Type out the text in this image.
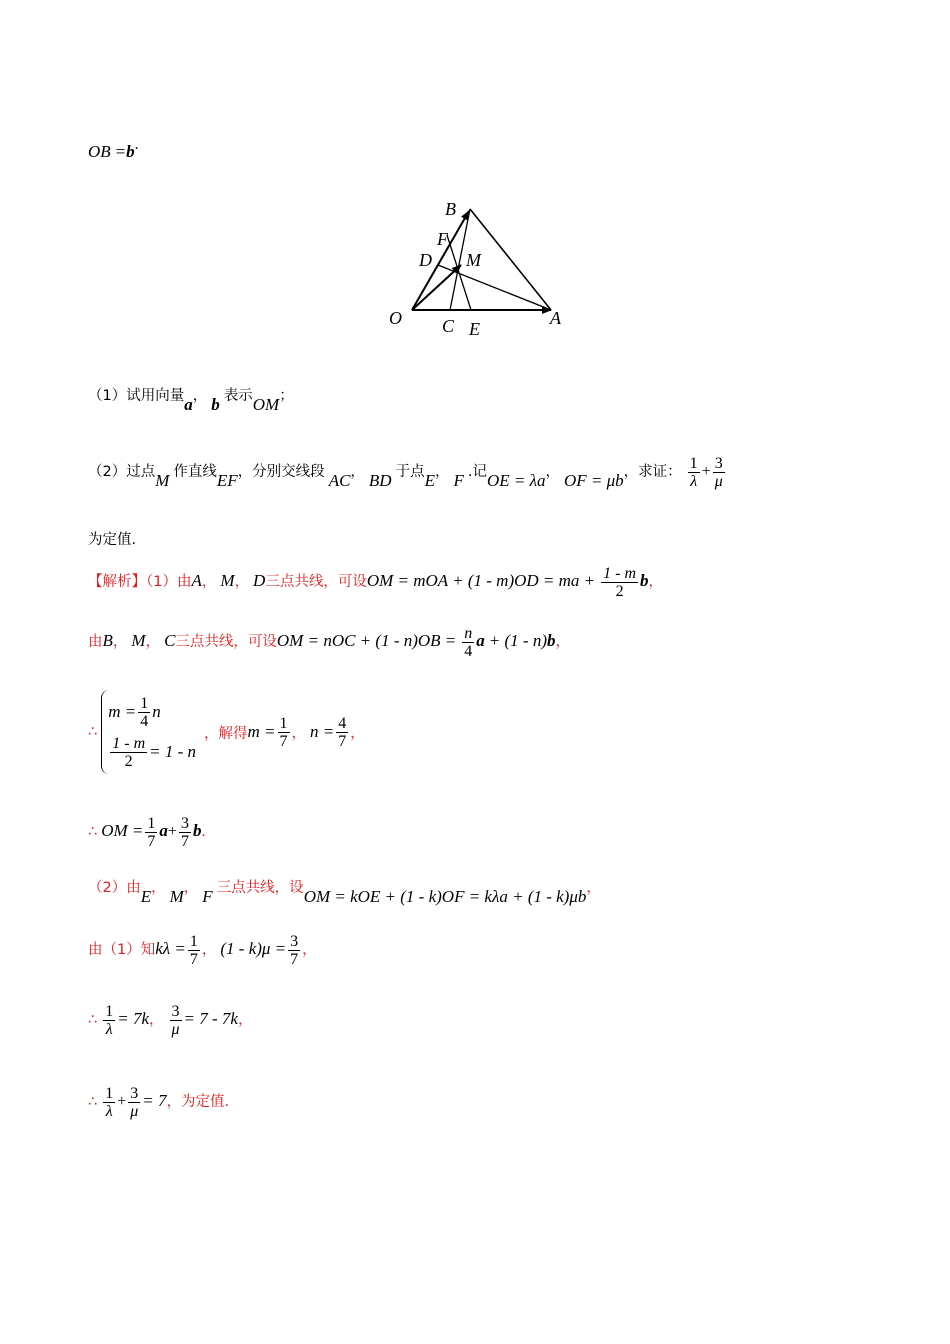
OB =b.
B
F
D M
O C E
A
（1）试用向量a， b 表示OM；
（2）过点M 作直线EF，分别交线段 AC， BD 于点E， F .记OE = λa， OF = μb，求证： $\frac{1}{\lambda} + \frac{3}{\mu}$
为定值.
【解析】（1）由A， M， D三点共线，可设OM = mOA + (1 - m)OD = ma + $\frac{1 - m}{2}$ b，
由B， M， C三点共线，可设OM = nOC + $(1 - n)OB = \frac{n}{4}$ a + (1 - n)b，
∴
$m = \frac{1}{4}$ n
$\frac{1 - m}{2} = 1 - n$
，解得$m = \frac{1}{7}$ ， $n = \frac{4}{7}$ ，
∴ OM = $\frac{1}{7} a+ \frac{3}{7} b$.
（2）由E， M， F 三点共线，设OM = kOE + (1 - k)OF = kλa + (1 - k)μb，
由（1）知$k\lambda = \frac{1}{7}$ ， $(1 - k)\mu = \frac{3}{7}$ ，
∴ $\frac{1}{\lambda} = 7k$， $\frac{3}{\mu} = 7 - 7k$，
∴ $\frac{1}{\lambda} + \frac{3}{\mu} = 7$，为定值.
